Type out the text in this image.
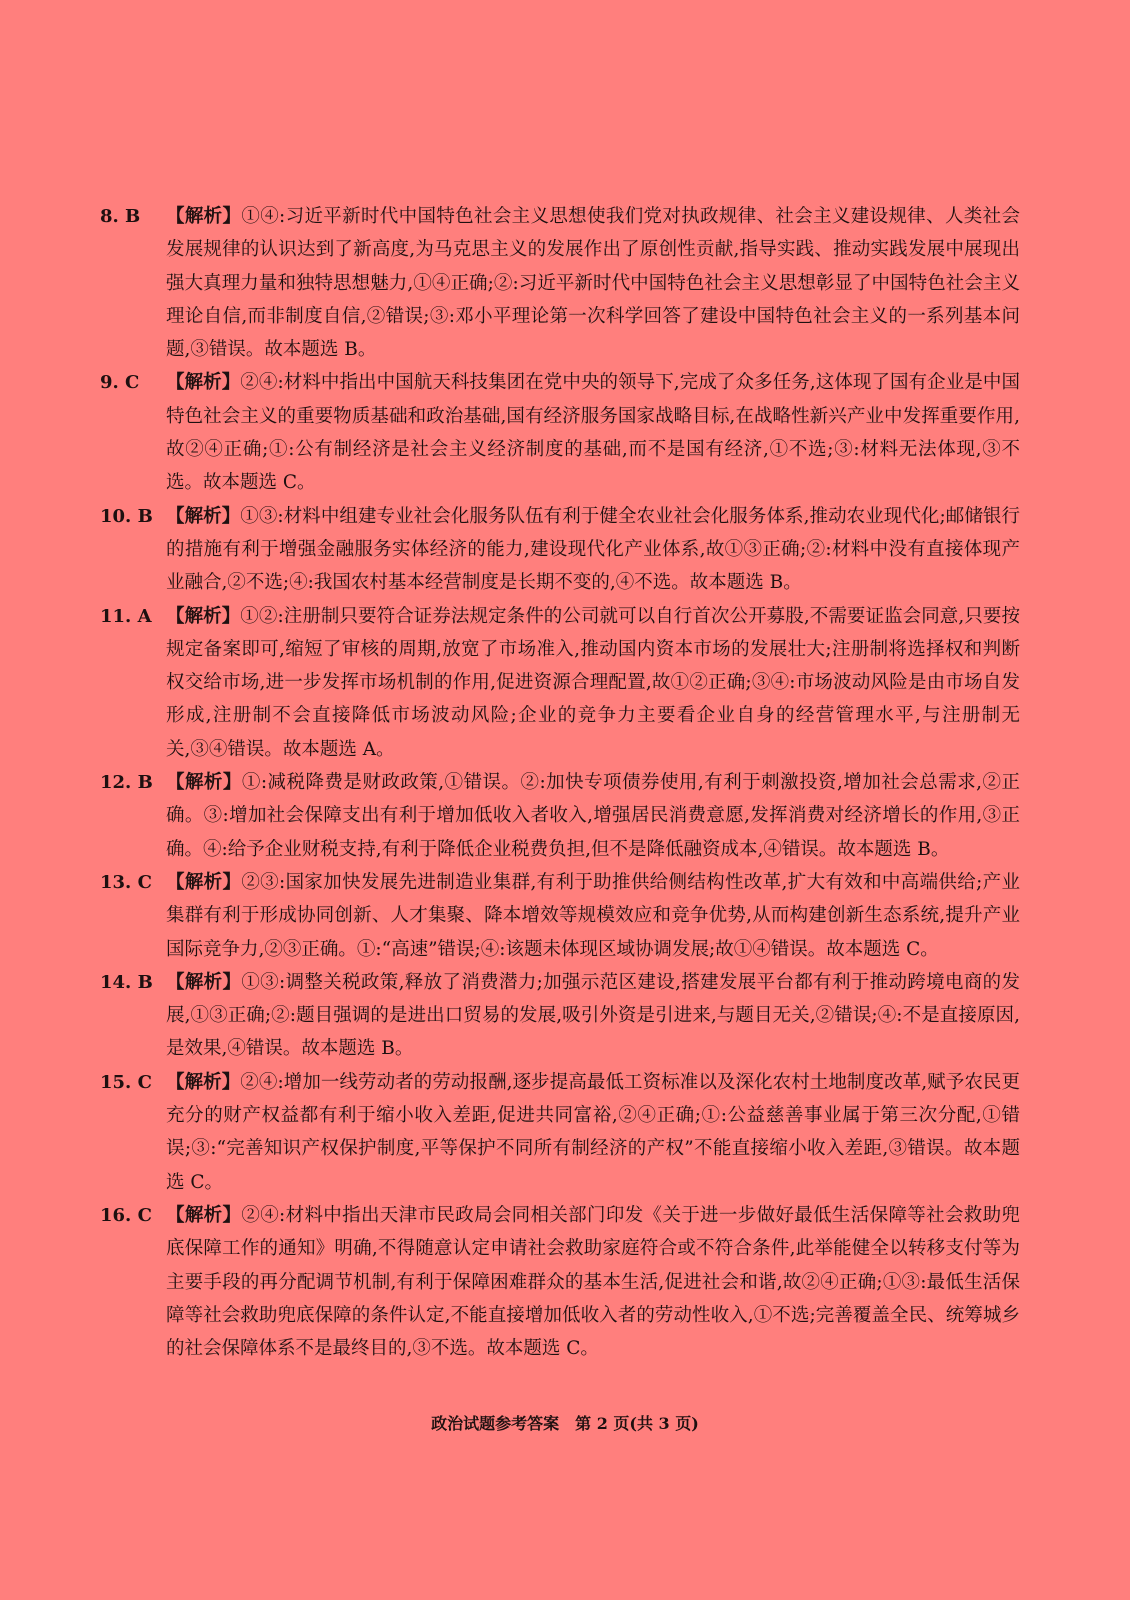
8. B	【解析】①④:习近平新时代中国特色社会主义思想使我们党对执政规律、社会主义建设规律、人类社会发展规律的认识达到了新高度,为马克思主义的发展作出了原创性贡献,指导实践、推动实践发展中展现出强大真理力量和独特思想魅力,①④正确;②:习近平新时代中国特色社会主义思想彰显了中国特色社会主义理论自信,而非制度自信,②错误;③:邓小平理论第一次科学回答了建设中国特色社会主义的一系列基本问题,③错误。故本题选 B。
9. C	【解析】②④:材料中指出中国航天科技集团在党中央的领导下,完成了众多任务,这体现了国有企业是中国特色社会主义的重要物质基础和政治基础,国有经济服务国家战略目标,在战略性新兴产业中发挥重要作用,故②④正确;①:公有制经济是社会主义经济制度的基础,而不是国有经济,①不选;③:材料无法体现,③不选。故本题选 C。
10. B 【解析】①③:材料中组建专业社会化服务队伍有利于健全农业社会化服务体系,推动农业现代化;邮储银行的措施有利于增强金融服务实体经济的能力,建设现代化产业体系,故①③正确;②:材料中没有直接体现产业融合,②不选;④:我国农村基本经营制度是长期不变的,④不选。故本题选 B。
11. A 【解析】①②:注册制只要符合证券法规定条件的公司就可以自行首次公开募股,不需要证监会同意,只要按规定备案即可,缩短了审核的周期,放宽了市场准入,推动国内资本市场的发展壮大;注册制将选择权和判断权交给市场,进一步发挥市场机制的作用,促进资源合理配置,故①②正确;③④:市场波动风险是由市场自发形成,注册制不会直接降低市场波动风险;企业的竞争力主要看企业自身的经营管理水平,与注册制无关,③④错误。故本题选 A。
12. B 【解析】①:减税降费是财政政策,①错误。②:加快专项债券使用,有利于刺激投资,增加社会总需求,②正确。③:增加社会保障支出有利于增加低收入者收入,增强居民消费意愿,发挥消费对经济增长的作用,③正确。④:给予企业财税支持,有利于降低企业税费负担,但不是降低融资成本,④错误。故本题选 B。
13. C 【解析】②③:国家加快发展先进制造业集群,有利于助推供给侧结构性改革,扩大有效和中高端供给;产业集群有利于形成协同创新、人才集聚、降本增效等规模效应和竞争优势,从而构建创新生态系统,提升产业国际竞争力,②③正确。①:“高速”错误;④:该题未体现区域协调发展;故①④错误。故本题选 C。
14. B 【解析】①③:调整关税政策,释放了消费潜力;加强示范区建设,搭建发展平台都有利于推动跨境电商的发展,①③正确;②:题目强调的是进出口贸易的发展,吸引外资是引进来,与题目无关,②错误;④:不是直接原因,是效果,④错误。故本题选 B。
15. C 【解析】②④:增加一线劳动者的劳动报酬,逐步提高最低工资标准以及深化农村土地制度改革,赋予农民更充分的财产权益都有利于缩小收入差距,促进共同富裕,②④正确;①:公益慈善事业属于第三次分配,①错误;③:“完善知识产权保护制度,平等保护不同所有制经济的产权”不能直接缩小收入差距,③错误。故本题选 C。
16. C 【解析】②④:材料中指出天津市民政局会同相关部门印发《关于进一步做好最低生活保障等社会救助兜底保障工作的通知》明确,不得随意认定申请社会救助家庭符合或不符合条件,此举能健全以转移支付等为主要手段的再分配调节机制,有利于保障困难群众的基本生活,促进社会和谐,故②④正确;①③:最低生活保障等社会救助兜底保障的条件认定,不能直接增加低收入者的劳动性收入,①不选;完善覆盖全民、统筹城乡的社会保障体系不是最终目的,③不选。故本题选 C。
政治试题参考答案　第 2 页(共 3 页)
